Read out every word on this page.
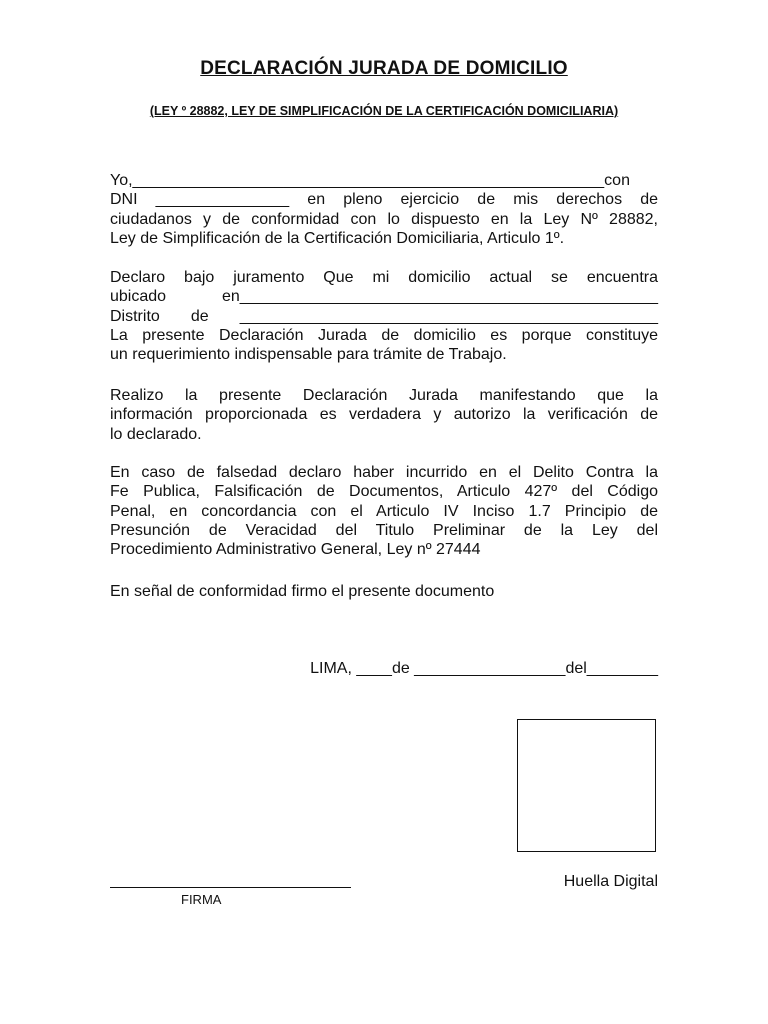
DECLARACIÓN JURADA DE DOMICILIO
(LEY º 28882, LEY DE SIMPLIFICACIÓN DE LA CERTIFICACIÓN DOMICILIARIA)
Yo,_____________________________________________________con
DNI _______________ en pleno ejercicio de mis derechos de
ciudadanos y de conformidad con lo dispuesto en la Ley Nº 28882,
Ley de Simplificación de la Certificación Domiciliaria, Articulo 1º.
Declaro bajo juramento Que mi domicilio actual se encuentra
ubicado en_______________________________________________
Distrito de _______________________________________________
La presente Declaración Jurada de domicilio es porque constituye
un requerimiento indispensable para trámite de Trabajo.
Realizo la presente Declaración Jurada manifestando que la
información proporcionada es verdadera y autorizo la verificación de
lo declarado.
En caso de falsedad declaro haber incurrido en el Delito Contra la
Fe Publica, Falsificación de Documentos, Articulo 427º del Código
Penal, en concordancia con el Articulo IV Inciso 1.7 Principio de
Presunción de Veracidad del Titulo Preliminar de la Ley del
Procedimiento Administrativo General, Ley nº 27444
En señal de conformidad firmo el presente documento
LIMA, ____de _________________del________
FIRMA
Huella Digital
